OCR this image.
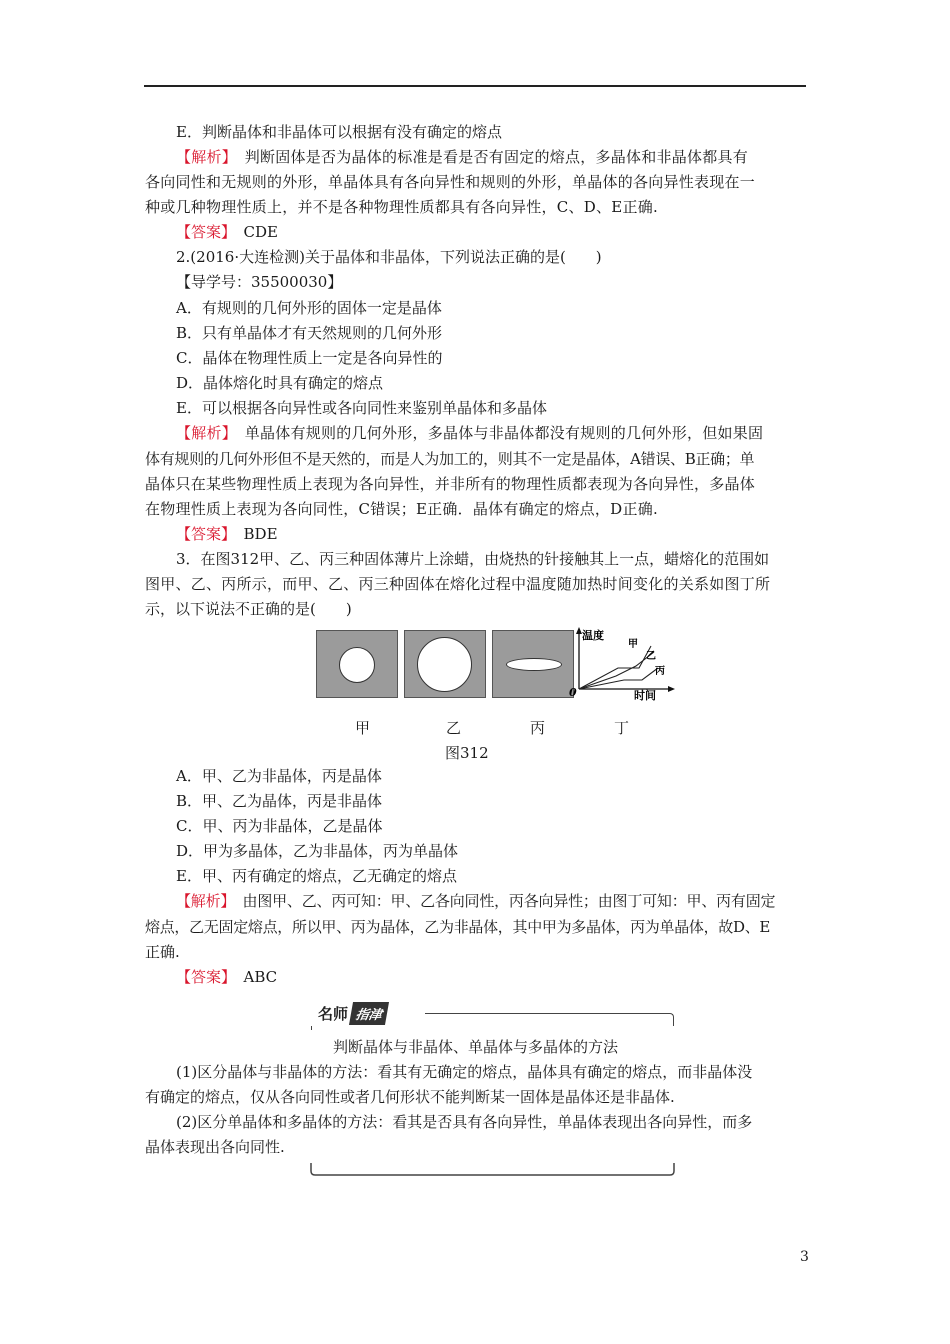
E．判断晶体和非晶体可以根据有没有确定的熔点
【解析】　 判断固体是否为晶体的标准是看是否有固定的熔点，多晶体和非晶体都具有
各向同性和无规则的外形，单晶体具有各向异性和规则的外形，单晶体的各向异性表现在一
种或几种物理性质上，并不是各种物理性质都具有各向异性，C、D、E正确.
【答案】　 CDE
2.(2016·大连检测)关于晶体和非晶体，下列说法正确的是(　　)
【导学号：35500030】
A．有规则的几何外形的固体一定是晶体
B．只有单晶体才有天然规则的几何外形
C．晶体在物理性质上一定是各向异性的
D．晶体熔化时具有确定的熔点
E．可以根据各向异性或各向同性来鉴别单晶体和多晶体
【解析】　 单晶体有规则的几何外形，多晶体与非晶体都没有规则的几何外形，但如果固
体有规则的几何外形但不是天然的，而是人为加工的，则其不一定是晶体，A错误、B正确；单
晶体只在某些物理性质上表现为各向异性，并非所有的物理性质都表现为各向异性，多晶体
在物理性质上表现为各向同性，C错误；E正确．晶体有确定的熔点，D正确.
【答案】　 BDE
3．在图312甲、乙、丙三种固体薄片上涂蜡，由烧热的针接触其上一点，蜡熔化的范围如
图甲、乙、丙所示，而甲、乙、丙三种固体在熔化过程中温度随加热时间变化的关系如图丁所
示，以下说法不正确的是(　　)
温度
时间
0
甲
乙
丙
甲	乙	丙	丁
图312
A．甲、乙为非晶体，丙是晶体
B．甲、乙为晶体，丙是非晶体
C．甲、丙为非晶体，乙是晶体
D．甲为多晶体，乙为非晶体，丙为单晶体
E．甲、丙有确定的熔点，乙无确定的熔点
【解析】　 由图甲、乙、丙可知：甲、乙各向同性，丙各向异性；由图丁可知：甲、丙有固定
熔点，乙无固定熔点，所以甲、丙为晶体，乙为非晶体，其中甲为多晶体，丙为单晶体，故D、E
正确.
【答案】　 ABC
名师 指津
判断晶体与非晶体、单晶体与多晶体的方法
(1)区分晶体与非晶体的方法：看其有无确定的熔点，晶体具有确定的熔点，而非晶体没
有确定的熔点，仅从各向同性或者几何形状不能判断某一固体是晶体还是非晶体.
(2)区分单晶体和多晶体的方法：看其是否具有各向异性，单晶体表现出各向异性，而多
晶体表现出各向同性.
3
